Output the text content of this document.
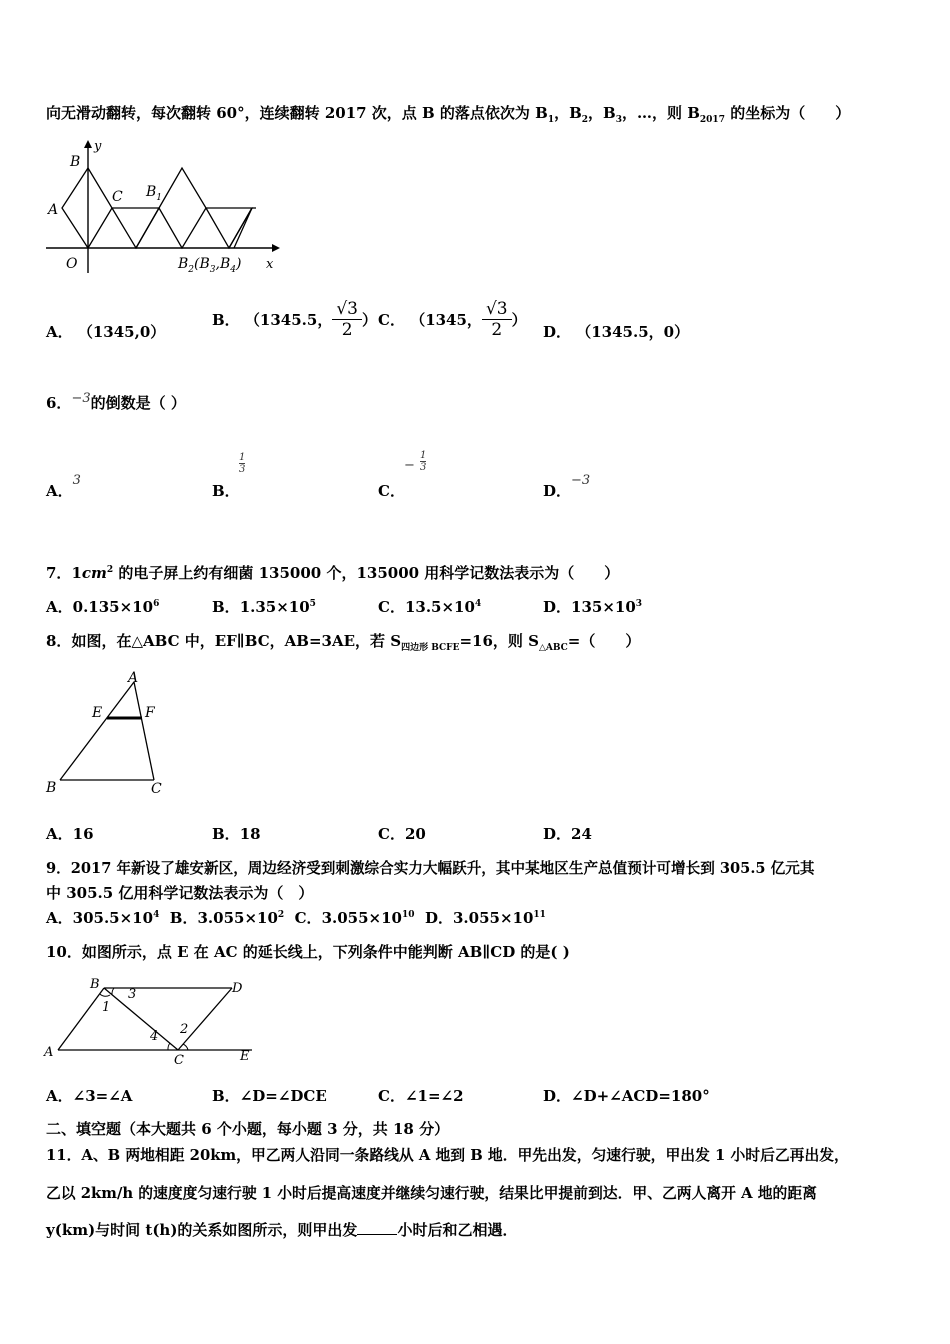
向无滑动翻转，每次翻转 60°，连续翻转 2017 次，点 B 的落点依次为 $B_1$，$B_2$，$B_3$，…，则 $B_{2017}$ 的坐标为（　　）
B
y
C $B_1$
A
O	x
$B_2(B_3,B_4)$
A． （1345,0）
B． （1345.5， $\frac{√3}{2}$ ） C． （1345， $\frac{√3}{2}$ ）
D． （1345.5，0）
6．−3的倒数是（ ）
A．3
B．
1
3
C．
−
1
3
D．−3
7．$1cm^2$ 的电子屏上约有细菌 135000 个，135000 用科学记数法表示为（　　）
A．$0.135\times 10^6$	B．$1.35\times 10^5$	C．$13.5\times 10^4$	D．$135\times 10^3$
8．如图，在△ABC 中，EF∥BC，AB=3AE，若 $S_{四边形 BCFE}=16$，则 $S_{\triangle ABC}=$（　　）
A
E	F
B	C
A．16	B．18	C．20	D．24
9．2017 年新设了雄安新区，周边经济受到刺激综合实力大幅跃升，其中某地区生产总值预计可增长到 305.5 亿元其
中 305.5 亿用科学记数法表示为（　）
A．$305.5\times 10^4$ B．$3.055\times 10^2$ C．$3.055\times 10^{10}$ D．$3.055\times 10^{11}$
10．如图所示，点 E 在 AC 的延长线上，下列条件中能判断 AB∥CD 的是( )
B	D
3
1
2
4
A
C	E
A．∠3=∠A	B．∠D=∠DCE	C．∠1=∠2	D．∠D+∠ACD=180°
二、填空题（本大题共 6 个小题，每小题 3 分，共 18 分）
11．A、B 两地相距 20km，甲乙两人沿同一条路线从 A 地到 B 地．甲先出发，匀速行驶，甲出发 1 小时后乙再出发，
乙以 2km/h 的速度度匀速行驶 1 小时后提高速度并继续匀速行驶，结果比甲提前到达．甲、乙两人离开 A 地的距离
y(km)与时间 t(h)的关系如图所示，则甲出发	小时后和乙相遇．
